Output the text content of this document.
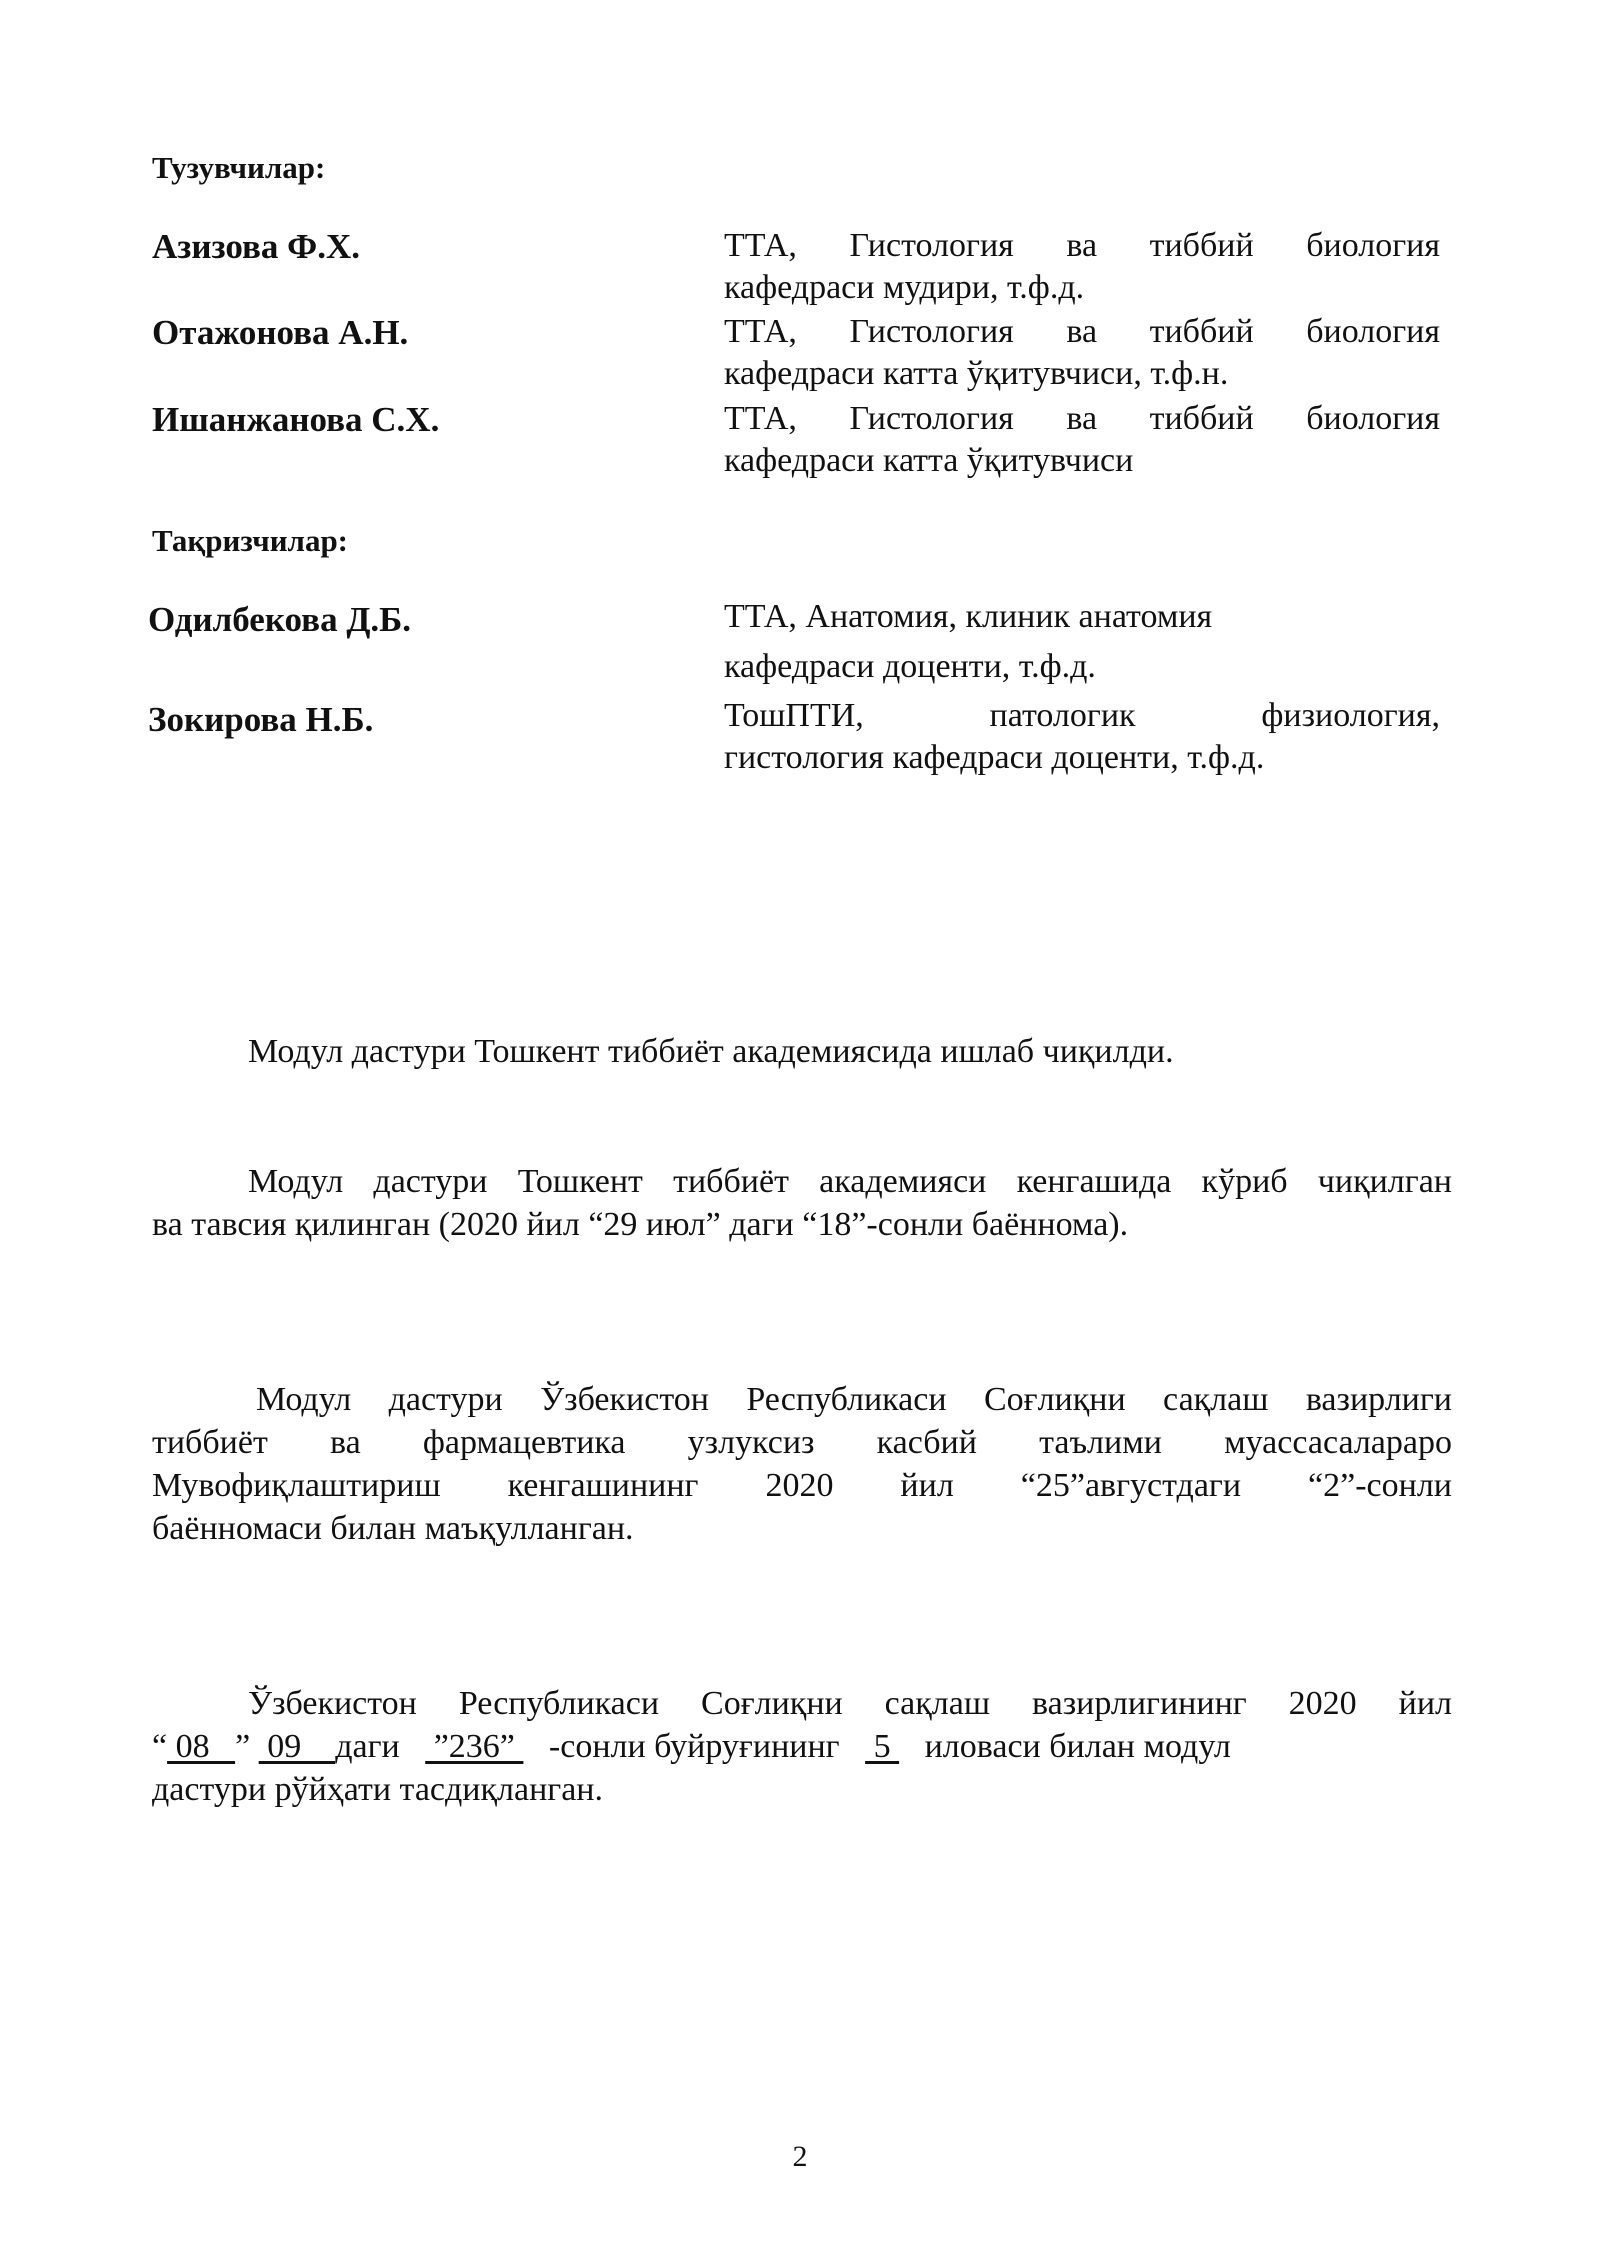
Тузувчилар:
Азизова Ф.Х.	ТТА, Гистология ва тиббий биология
кафедраси мудири, т.ф.д.
Отажонова А.Н.	ТТА, Гистология ва тиббий биология
кафедраси катта ўқитувчиси, т.ф.н.
Ишанжанова С.Х.	ТТА, Гистология ва тиббий биология
кафедраси катта ўқитувчиси
Тақризчилар:
Одилбекова Д.Б.	ТТА, Анатомия, клиник анатомия
кафедраси доценти, т.ф.д.
Зокирова Н.Б.	ТошПТИ, патологик физиология,
гистология кафедраси доценти, т.ф.д.
Модул дастури Тошкент тиббиёт академиясида ишлаб чиқилди.
Модул дастури Тошкент тиббиёт академияси кенгашида кўриб чиқилган
ва тавсия қилинган (2020 йил “29 июл” даги “18”-сонли баённома).
Модул дастури Ўзбекистон Республикаси Соғлиқни сақлаш вазирлиги
тиббиёт ва фармацевтика узлуксиз касбий таълими муассасалараро
Мувофиқлаштириш кенгашининг 2020 йил “25”августдаги “2”-сонли
баённомаси билан маъқулланган.
Ўзбекистон Республикаси Соғлиқни сақлаш вазирлигининг 2020 йил
“ 08   ”  09    даги    ”236”    -сонли буйруғининг    5    иловаси билан модул
дастури рўйҳати тасдиқланган.
2
